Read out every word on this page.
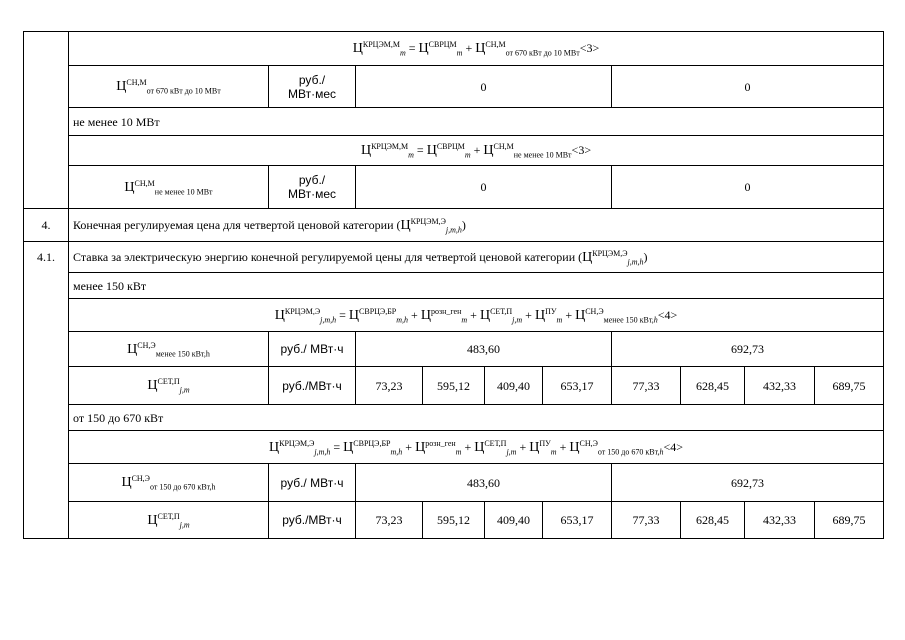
	$Ц^{КРЦЭМ,М}_m = Ц^{СВРЦМ}_m + Ц^{СН,М}_{от 670 кВт до 10 МВт}<3>$									
	$Ц^{СН,М}_{от 670 кВт до 10 МВт}$	руб./
МВт·мес	0				0			
	не менее 10 МВт									
	$Ц^{КРЦЭМ,М}_m = Ц^{СВРЦМ}_m + Ц^{СН,М}_{не менее 10 МВт}<3>$									
	$Ц^{СН,М}_{не менее 10 МВт}$	руб./
МВт·мес	0				0			
4.	Конечная регулируемая цена для четвертой ценовой категории $(Ц^{КРЦЭМ,Э}_{j,m,h})$									
4.1.	Ставка за электрическую энергию конечной регулируемой цены для четвертой ценовой категории $(Ц^{КРЦЭМ,Э}_{j,m,h})$									
	менее 150 кВт									
	$Ц^{КРЦЭМ,Э}_{j,m,h} = Ц^{СВРЦЭ,БР}_{m,h} + Ц^{розн\_ген}_m + Ц^{СЕТ,П}_{j,m} + Ц^{ПУ}_m + Ц^{СН,Э}_{менее 150 кВт,h}<4>$									
	$Ц^{СН,Э}_{менее 150 кВт,h}$	руб./ МВт·ч	483,60				692,73			
	$Ц^{СЕТ,П}_{j,m}$	руб./МВт·ч	73,23	595,12	409,40	653,17	77,33	628,45	432,33	689,75
	от 150 до 670 кВт									
	$Ц^{КРЦЭМ,Э}_{j,m,h} = Ц^{СВРЦЭ,БР}_{m,h} + Ц^{розн\_ген}_m + Ц^{СЕТ,П}_{j,m} + Ц^{ПУ}_m + Ц^{СН,Э}_{от 150 до 670 кВт,h}<4>$									
	$Ц^{СН,Э}_{от 150 до 670 кВт,h}$	руб./ МВт·ч	483,60				692,73			
	$Ц^{СЕТ,П}_{j,m}$	руб./МВт·ч	73,23	595,12	409,40	653,17	77,33	628,45	432,33	689,75
